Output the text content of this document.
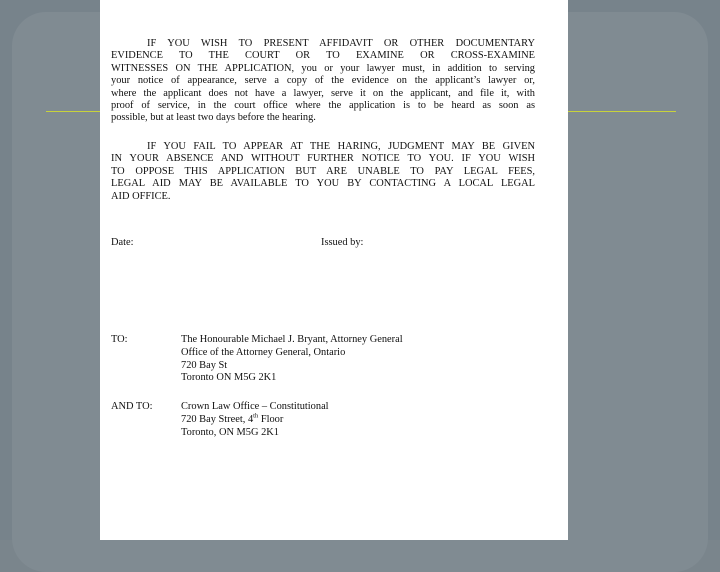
IF YOU WISH TO PRESENT AFFIDAVIT OR OTHER DOCUMENTARY
EVIDENCE TO THE COURT OR TO EXAMINE OR CROSS-EXAMINE
WITNESSES ON THE APPLICATION, you or your lawyer must, in addition to serving
your notice of appearance, serve a copy of the evidence on the applicant’s lawyer or,
where the applicant does not have a lawyer, serve it on the applicant, and file it, with
proof of service, in the court office where the application is to be heard as soon as
possible, but at least two days before the hearing.
IF YOU FAIL TO APPEAR AT THE HARING, JUDGMENT MAY BE GIVEN
IN YOUR ABSENCE AND WITHOUT FURTHER NOTICE TO YOU. IF YOU WISH
TO OPPOSE THIS APPLICATION BUT ARE UNABLE TO PAY LEGAL FEES,
LEGAL AID MAY BE AVAILABLE TO YOU BY CONTACTING A LOCAL LEGAL
AID OFFICE.
Date:	Issued by:
TO:	The Honourable Michael J. Bryant, Attorney General
Office of the Attorney General, Ontario
720 Bay St
Toronto ON M5G 2K1
AND TO:	Crown Law Office – Constitutional
720 Bay Street, 4th Floor
Toronto, ON M5G 2K1
